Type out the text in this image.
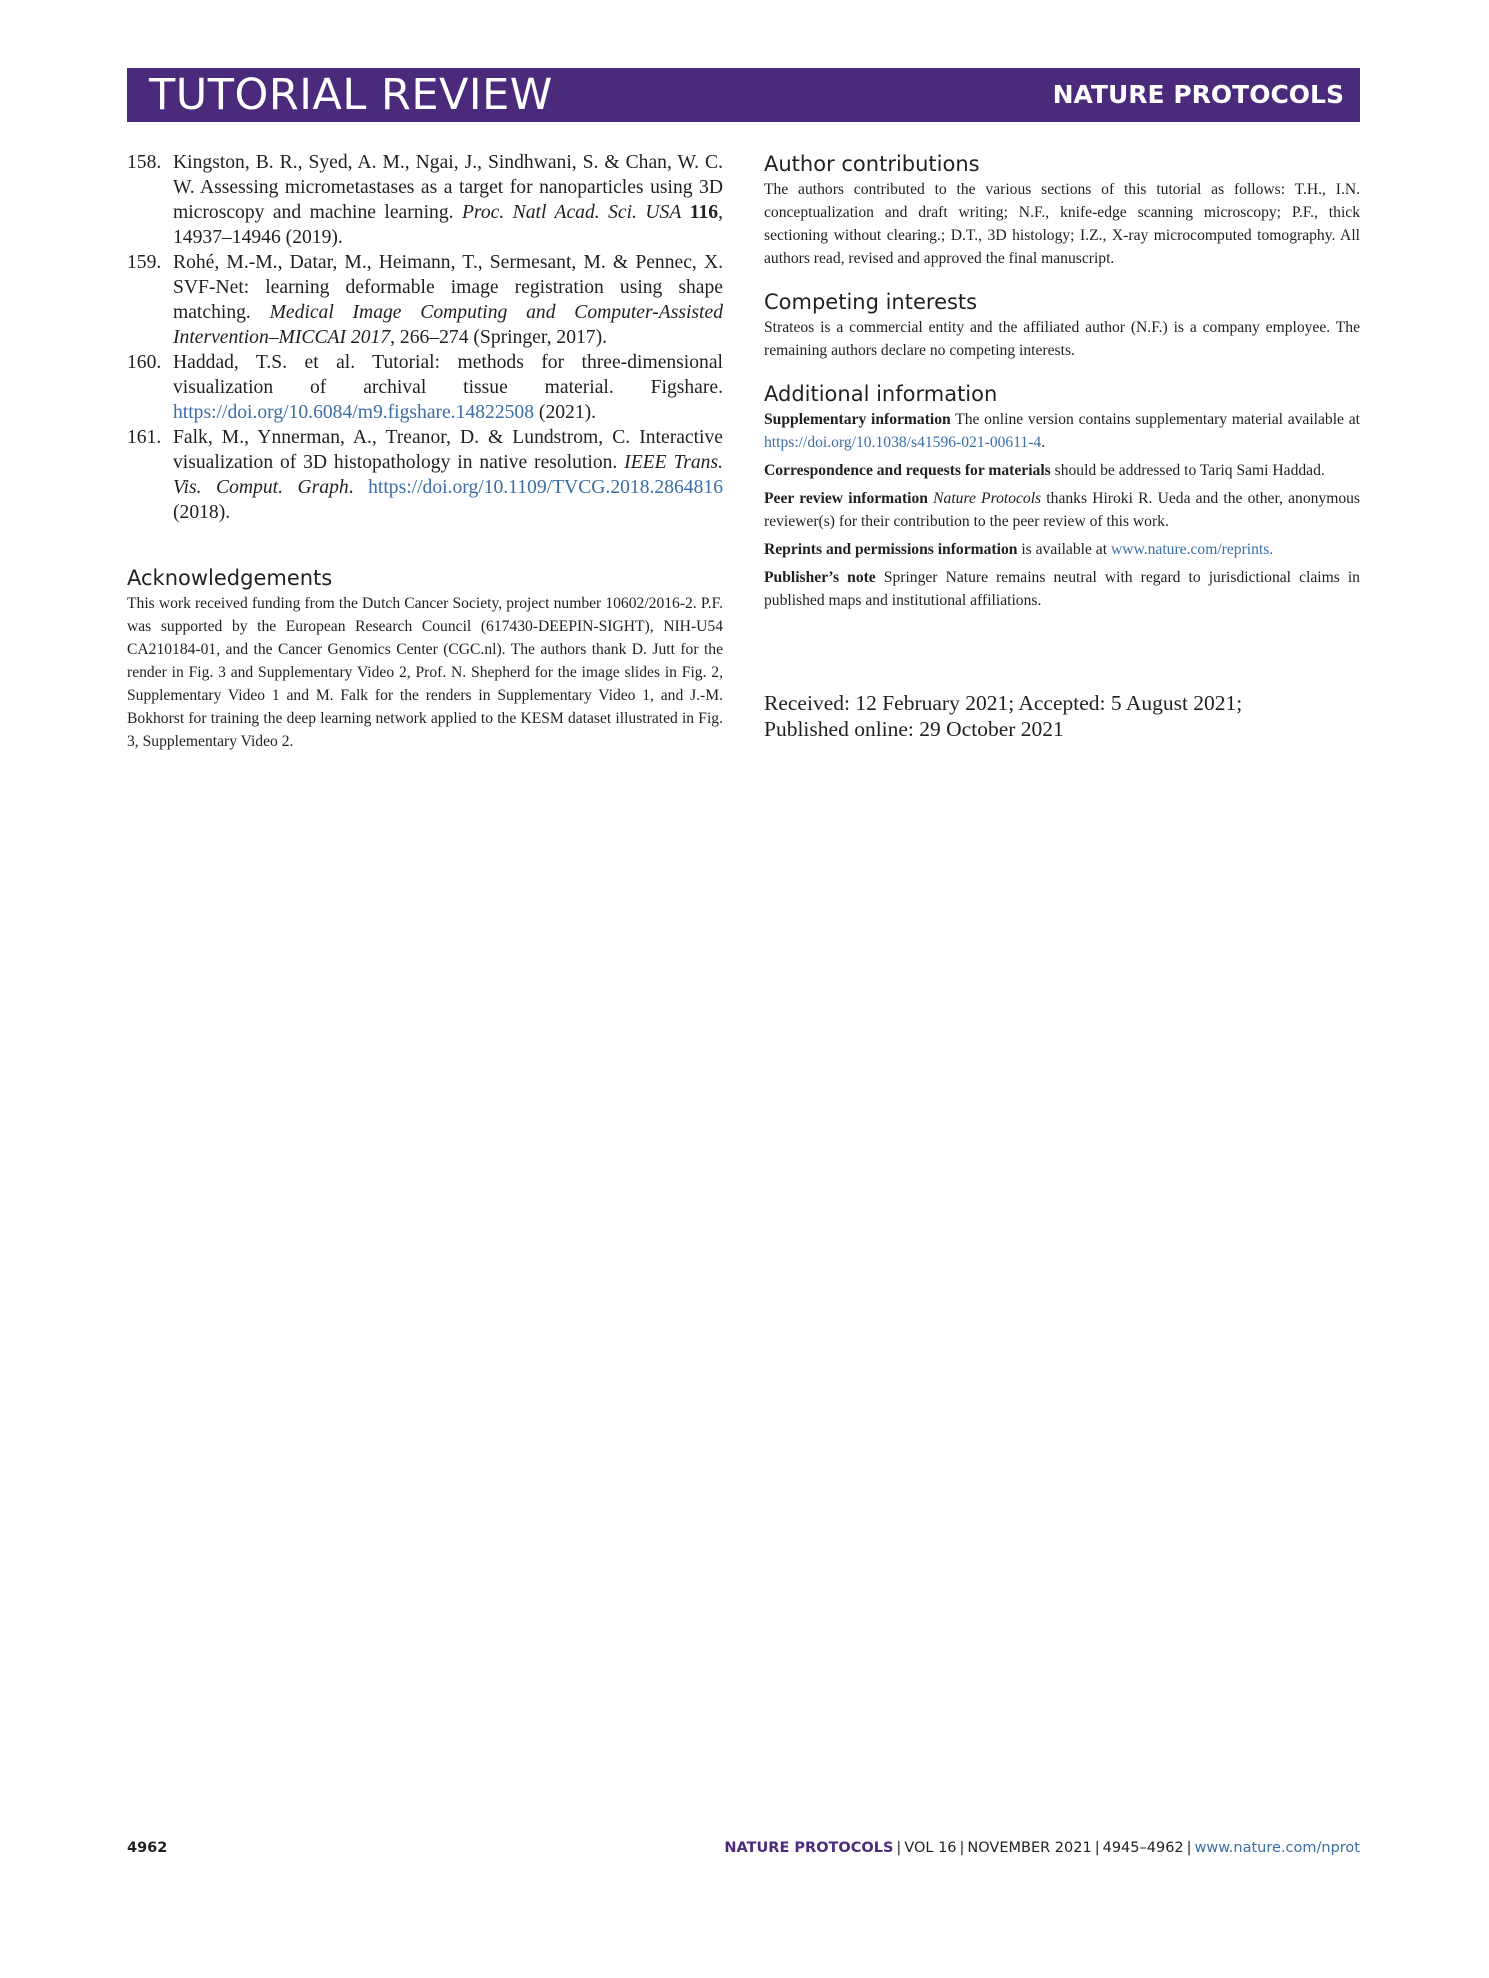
TUTORIAL REVIEW	NATURE PROTOCOLS
158. Kingston, B. R., Syed, A. M., Ngai, J., Sindhwani, S. & Chan, W. C. W. Assessing micrometastases as a target for nanoparticles using 3D microscopy and machine learning. Proc. Natl Acad. Sci. USA 116, 14937–14946 (2019).
159. Rohé, M.-M., Datar, M., Heimann, T., Sermesant, M. & Pennec, X. SVF-Net: learning deformable image registration using shape matching. Medical Image Computing and Computer-Assisted Intervention–MICCAI 2017, 266–274 (Springer, 2017).
160. Haddad, T.S. et al. Tutorial: methods for three-dimensional visualization of archival tissue material. Figshare. https://doi.org/10.6084/m9.figshare.14822508 (2021).
161. Falk, M., Ynnerman, A., Treanor, D. & Lundstrom, C. Interactive visualization of 3D histopathology in native resolution. IEEE Trans. Vis. Comput. Graph. https://doi.org/10.1109/TVCG.2018.2864816 (2018).
Acknowledgements
This work received funding from the Dutch Cancer Society, project number 10602/2016-2. P.F. was supported by the European Research Council (617430-DEEPIN-SIGHT), NIH-U54 CA210184-01, and the Cancer Genomics Center (CGC.nl). The authors thank D. Jutt for the render in Fig. 3 and Supplementary Video 2, Prof. N. Shepherd for the image slides in Fig. 2, Supplementary Video 1 and M. Falk for the renders in Supplementary Video 1, and J.-M. Bokhorst for training the deep learning network applied to the KESM dataset illustrated in Fig. 3, Supplementary Video 2.
Author contributions
The authors contributed to the various sections of this tutorial as follows: T.H., I.N. conceptualization and draft writing; N.F., knife-edge scanning microscopy; P.F., thick sectioning without clearing.; D.T., 3D histology; I.Z., X-ray microcomputed tomography. All authors read, revised and approved the final manuscript.
Competing interests
Strateos is a commercial entity and the affiliated author (N.F.) is a company employee. The remaining authors declare no competing interests.
Additional information
Supplementary information The online version contains supplementary material available at https://doi.org/10.1038/s41596-021-00611-4.
Correspondence and requests for materials should be addressed to Tariq Sami Haddad.
Peer review information Nature Protocols thanks Hiroki R. Ueda and the other, anonymous reviewer(s) for their contribution to the peer review of this work.
Reprints and permissions information is available at www.nature.com/reprints.
Publisher’s note Springer Nature remains neutral with regard to jurisdictional claims in published maps and institutional affiliations.
Received: 12 February 2021; Accepted: 5 August 2021;
Published online: 29 October 2021
4962	NATURE PROTOCOLS | VOL 16 | NOVEMBER 2021 | 4945–4962 | www.nature.com/nprot
